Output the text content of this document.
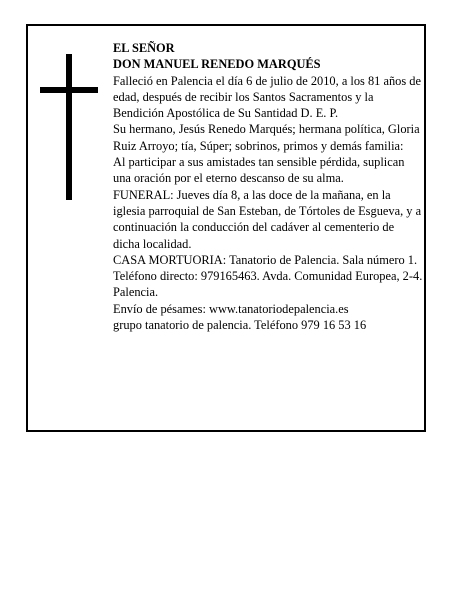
EL SEÑOR

DON MANUEL RENEDO MARQUÉS

Falleció en Palencia el día 6 de julio de 2010, a los 81 años de edad, después de recibir los Santos Sacramentos y la Bendición Apostólica de Su Santidad D. E. P.

Su hermano, Jesús Renedo Marqués; hermana política, Gloria Ruiz Arroyo; tía, Súper; sobrinos, primos y demás familia:

Al participar a sus amistades tan sensible pérdida, suplican una oración por el eterno descanso de su alma.

FUNERAL: Jueves día 8, a las doce de la mañana, en la iglesia parroquial de San Esteban, de Tórtoles de Esgueva, y a continuación la conducción del cadáver al cementerio de dicha localidad.

CASA MORTUORIA: Tanatorio de Palencia. Sala número 1. Teléfono directo: 979165463. Avda. Comunidad Europea, 2-4. Palencia.

Envío de pésames: www.tanatoriodepalencia.es

grupo tanatorio de palencia. Teléfono 979 16 53 16
